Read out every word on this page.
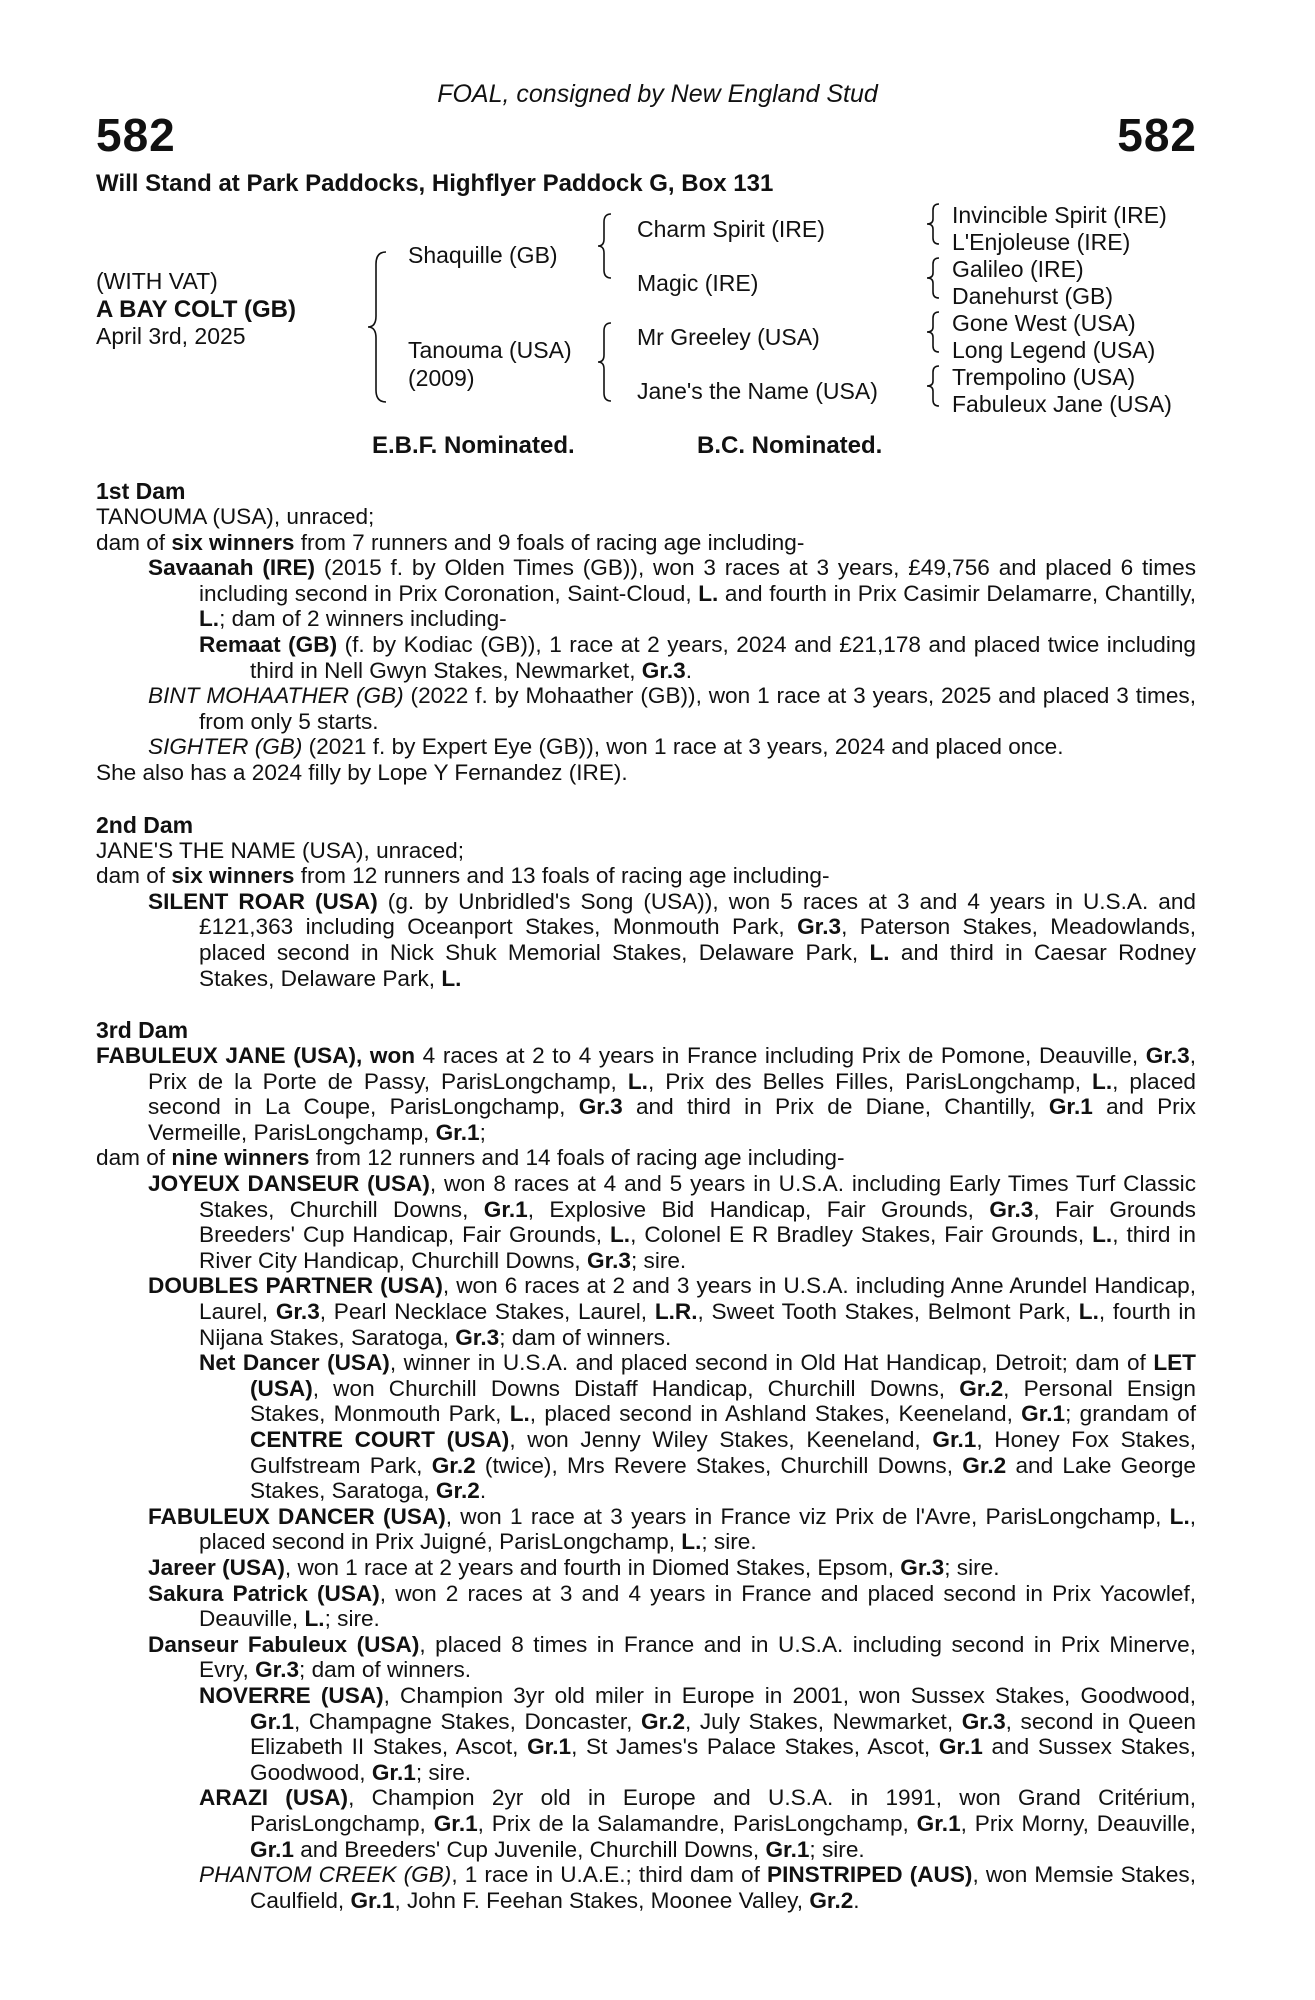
FOAL, consigned by New England Stud
582	582
Will Stand at Park Paddocks, Highflyer Paddock G, Box 131
(WITH VAT)
A BAY COLT (GB)
April 3rd, 2025
Shaquille (GB)
Tanouma (USA)
(2009)
Charm Spirit (IRE)
Magic (IRE)
Mr Greeley (USA)
Jane's the Name (USA)
Invincible Spirit (IRE)
L'Enjoleuse (IRE)
Galileo (IRE)
Danehurst (GB)
Gone West (USA)
Long Legend (USA)
Trempolino (USA)
Fabuleux Jane (USA)
E.B.F. Nominated.	B.C. Nominated.
1st Dam
TANOUMA (USA), unraced;
dam of six winners from 7 runners and 9 foals of racing age including-
Savaanah (IRE) (2015 f. by Olden Times (GB)), won 3 races at 3 years, £49,756 and placed 6 times including second in Prix Coronation, Saint-Cloud, L. and fourth in Prix Casimir Delamarre, Chantilly, L.; dam of 2 winners including-
Remaat (GB) (f. by Kodiac (GB)), 1 race at 2 years, 2024 and £21,178 and placed twice including third in Nell Gwyn Stakes, Newmarket, Gr.3.
BINT MOHAATHER (GB) (2022 f. by Mohaather (GB)), won 1 race at 3 years, 2025 and placed 3 times, from only 5 starts.
SIGHTER (GB) (2021 f. by Expert Eye (GB)), won 1 race at 3 years, 2024 and placed once.
She also has a 2024 filly by Lope Y Fernandez (IRE).
2nd Dam
JANE'S THE NAME (USA), unraced;
dam of six winners from 12 runners and 13 foals of racing age including-
SILENT ROAR (USA) (g. by Unbridled's Song (USA)), won 5 races at 3 and 4 years in U.S.A. and £121,363 including Oceanport Stakes, Monmouth Park, Gr.3, Paterson Stakes, Meadowlands, placed second in Nick Shuk Memorial Stakes, Delaware Park, L. and third in Caesar Rodney Stakes, Delaware Park, L.
3rd Dam
FABULEUX JANE (USA), won 4 races at 2 to 4 years in France including Prix de Pomone, Deauville, Gr.3, Prix de la Porte de Passy, ParisLongchamp, L., Prix des Belles Filles, ParisLongchamp, L., placed second in La Coupe, ParisLongchamp, Gr.3 and third in Prix de Diane, Chantilly, Gr.1 and Prix Vermeille, ParisLongchamp, Gr.1;
dam of nine winners from 12 runners and 14 foals of racing age including-
JOYEUX DANSEUR (USA), won 8 races at 4 and 5 years in U.S.A. including Early Times Turf Classic Stakes, Churchill Downs, Gr.1, Explosive Bid Handicap, Fair Grounds, Gr.3, Fair Grounds Breeders' Cup Handicap, Fair Grounds, L., Colonel E R Bradley Stakes, Fair Grounds, L., third in River City Handicap, Churchill Downs, Gr.3; sire.
DOUBLES PARTNER (USA), won 6 races at 2 and 3 years in U.S.A. including Anne Arundel Handicap, Laurel, Gr.3, Pearl Necklace Stakes, Laurel, L.R., Sweet Tooth Stakes, Belmont Park, L., fourth in Nijana Stakes, Saratoga, Gr.3; dam of winners.
Net Dancer (USA), winner in U.S.A. and placed second in Old Hat Handicap, Detroit; dam of LET (USA), won Churchill Downs Distaff Handicap, Churchill Downs, Gr.2, Personal Ensign Stakes, Monmouth Park, L., placed second in Ashland Stakes, Keeneland, Gr.1; grandam of CENTRE COURT (USA), won Jenny Wiley Stakes, Keeneland, Gr.1, Honey Fox Stakes, Gulfstream Park, Gr.2 (twice), Mrs Revere Stakes, Churchill Downs, Gr.2 and Lake George Stakes, Saratoga, Gr.2.
FABULEUX DANCER (USA), won 1 race at 3 years in France viz Prix de l'Avre, ParisLongchamp, L., placed second in Prix Juigné, ParisLongchamp, L.; sire.
Jareer (USA), won 1 race at 2 years and fourth in Diomed Stakes, Epsom, Gr.3; sire.
Sakura Patrick (USA), won 2 races at 3 and 4 years in France and placed second in Prix Yacowlef, Deauville, L.; sire.
Danseur Fabuleux (USA), placed 8 times in France and in U.S.A. including second in Prix Minerve, Evry, Gr.3; dam of winners.
NOVERRE (USA), Champion 3yr old miler in Europe in 2001, won Sussex Stakes, Goodwood, Gr.1, Champagne Stakes, Doncaster, Gr.2, July Stakes, Newmarket, Gr.3, second in Queen Elizabeth II Stakes, Ascot, Gr.1, St James's Palace Stakes, Ascot, Gr.1 and Sussex Stakes, Goodwood, Gr.1; sire.
ARAZI (USA), Champion 2yr old in Europe and U.S.A. in 1991, won Grand Critérium, ParisLongchamp, Gr.1, Prix de la Salamandre, ParisLongchamp, Gr.1, Prix Morny, Deauville, Gr.1 and Breeders' Cup Juvenile, Churchill Downs, Gr.1; sire.
PHANTOM CREEK (GB), 1 race in U.A.E.; third dam of PINSTRIPED (AUS), won Memsie Stakes, Caulfield, Gr.1, John F. Feehan Stakes, Moonee Valley, Gr.2.
